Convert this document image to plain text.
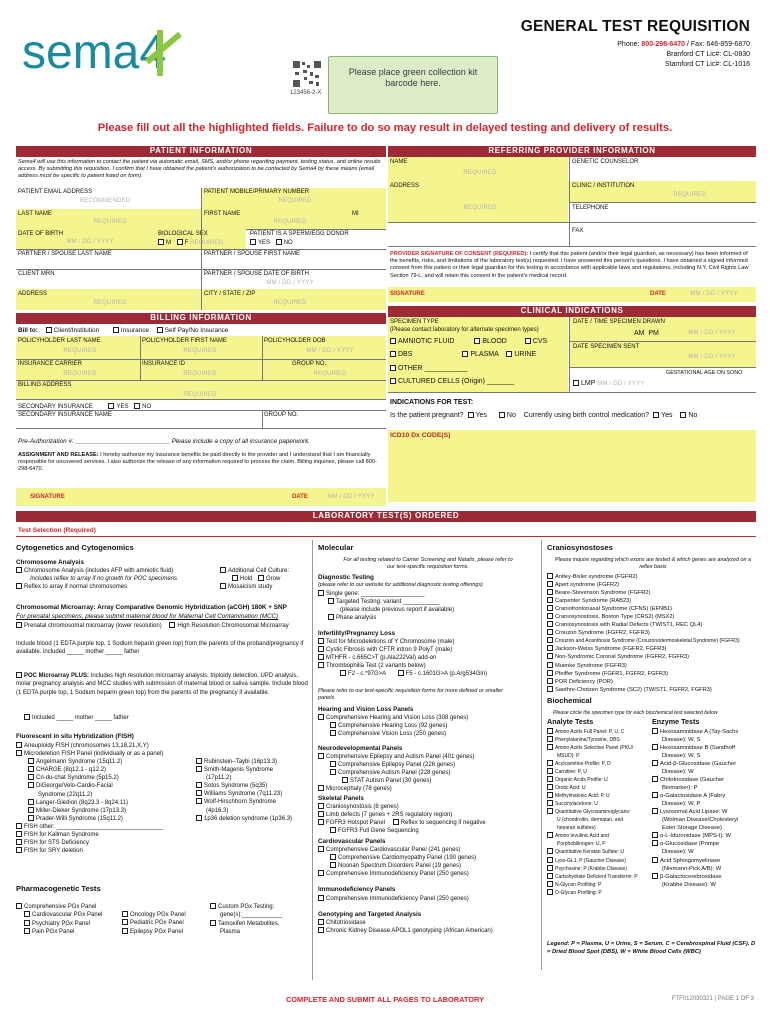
sema4	GENERAL TEST REQUISITION
Phone: 800-298-6470 / Fax: 646-859-6870
Branford CT Lic#: CL-0830
Stamford CT Lic#: CL-1016
123456-2-X
Please place green collection kit barcode here.
Please fill out all the highlighted fields. Failure to do so may result in delayed testing and delivery of results.
PATIENT INFORMATION
Sema4 will use this information to contact the patient via automatic email, SMS, and/or phone regarding payment, testing status, and online results access. By submitting this requisition, I confirm that I have obtained the patient's authorization to be contacted by Sema4 by these means (email address must be specific to patient listed on form).
PATIENT EMAIL ADDRESS
RECOMMENDED
PATIENT MOBILE/PRIMARY NUMBER
REQUIRED
LAST NAME
REQUIRED
FIRST NAME
REQUIRED
MI
DATE OF BIRTH
MM / DD / YYYY
BIOLOGICAL SEX
M F REQUIRED
PATIENT IS A SPERM/EGG DONOR
YES NO
PARTNER / SPOUSE LAST NAME	PARTNER / SPOUSE FIRST NAME
CLIENT MRN	PARTNER / SPOUSE DATE OF BIRTH
MM / DD / YYYY
ADDRESS
REQUIRED
CITY / STATE / ZIP
REQUIRED
BILLING INFORMATION
Bill to: Client/Institution	Insurance Self Pay/No Insurance
POLICYHOLDER LAST NAME
REQUIRED
POLICYHOLDER FIRST NAME
REQUIRED
POLICYHOLDER DOB
MM / DD / YYYY
INSURANCE CARRIER
REQUIRED
INSURANCE ID
REQUIRED
GROUP NO.
REQUIRED
BILLING ADDRESS
REQUIRED
SECONDARY INSURANCE	YES NO
SECONDARY INSURANCE NAME	GROUP NO.
Pre-Authorization #: ___________________________ Please include a copy of all insurance paperwork.
ASSIGNMENT AND RELEASE: I hereby authorize my insurance benefits be paid directly to the provider and I understand that I am financially responsible for uncovered services. I also authorize the release of any information required to process the claim. Billing inquiries, please call 800-298-6470.
SIGNATURE	DATE	MM / DD / YYYY
REFERRING PROVIDER INFORMATION
NAME
REQUIRED
GENETIC COUNSELOR
ADDRESS
REQUIRED
CLINIC / INSTITUTION
REQUIRED
TELEPHONE
FAX
PROVIDER SIGNATURE OF CONSENT (REQUIRED): I certify that this patient (and/or their legal guardian, as necessary) has been informed of the benefits, risks, and limitations of the laboratory test(s) requested. I have answered this person's questions. I have obtained a signed informed consent from this patient or their legal guardian for this testing in accordance with applicable laws and regulations, including N.Y. Civil Rights Law Section 79-L, and will retain this consent in the patient's medical record.
SIGNATURE	DATE	MM / DD / YYYY
CLINICAL INDICATIONS
SPECIMEN TYPE
(Please contact laboratory for alternate specimen types)
AMNIOTIC FLUID	BLOOD	CVS
DBS	PLASMA URINE
OTHER ___________
CULTURED CELLS (Origin) _______
DATE / TIME SPECIMEN DRAWN
AM PM	MM / DD / YYYY
DATE SPECIMEN SENT
MM / DD / YYYY
GESTATIONAL AGE ON SONO
LMP MM / DD / YYYY
INDICATIONS FOR TEST:
Is the patient pregnant? Yes	No Currently using birth control medication? Yes No
ICD10 Dx CODE(S)
LABORATORY TEST(S) ORDERED
Test Selection (Required)
Cytogenetics and Cytogenomics
Chromosome Analysis
Chromosome Analysis (includes AFP with amniotic fluid)
Includes reflex to array if no growth for POC specimens
Reflex to array if normal chromosomes
Additional Cell Culture:
Hold Grow
Mosaicism study
Chromosomal Microarray: Array Comparative Genomic Hybridization (aCGH) 180K + SNP
For prenatal specimens, please submit maternal blood for Maternal Cell Contamination (MCC)
Prenatal chromosomal microarray (lower resolution)	High Resolution Chromosomal Microarray
Include blood (1 EDTA purple top, 1 Sodium heparin green top) from the parents of the proband/pregnancy if available. included _____ mother _____ father
POC Microarray PLUS: Includes high resolution microarray analysis, triploidy detection, UPD analysis, molar pregnancy analysis and MCC studies with submission of maternal blood or saliva sample. Include blood (1 EDTA purple top, 1 Sodium heparin green top) from the parents of the pregnancy if available.
Included _____ mother _____ father
Fluorescent in situ Hybridization (FISH)
Aneuploidy FISH (chromosomes 13,18,21,X,Y)
Microdeletion FISH Panel (individually or as a panel)
Angelmann Syndrome (15q11.2)
CHARGE (8q12.1 - q12.2)
Cri-du-chat Syndrome (5p15.2)
DiGeorge/Velo-Cardio-Facial
Syndrome (22q11.2)
Langer-Giedion (8q23.3 - 8q24.11)
Miller-Dieker Syndrome (17p13.3)
Prader-Willi Syndrome (15q11.2)
FISH other: ________________________________
FISH for Kallman Syndrome
FISH for STS Deficiency
FISH for SRY deletion
Rubinstein–Taybi (16p13.3)
Smith-Magenis Syndrome
(17p11.2)
Sotos Syndrome (5q35)
Williams Syndrome (7q11.23)
Wolf-Hirschhorn Syndrome
(4p16.3)
1p36 deletion syndrome (1p36.3)
Pharmacogenetic Tests
Comprehensive PGx Panel
Cardiovascular PGx Panel
Psychiatry PGx Panel
Pain PGx Panel
Oncology PGx Panel
Pediatric PGx Panel
Epilepsy PGx Panel
Custom PGx Testing:
gene(s):____________
Tamoxifen Metabolites,
Plasma
Molecular
For all testing related to Carrier Screening and Natalis, please refer to our test-specific requisition forms.
Diagnostic Testing
(please refer to our website for additional diagnostic testing offerings)
Single gene: ___________________
Targeted Testing: variant ___________
(please include previous report if available)
Phase analysis
Infertility/Pregnancy Loss
Test for Microdeletions of Y Chromosome (male)
Cystic Fibrosis with CFTR intron 9 PolyT (male)
MTHFR - c.665C>T (p.Ala222Val) add-on
Thrombophilia Test (2 variants below)
F2 - c.*97G>A	F5 - c.1601G>A (p.Arg534Gln)
Please refer to our test-specific requisition forms for more defined or smaller panels
Hearing and Vision Loss Panels
Comprehensive Hearing and Vision Loss (308 genes)
Comprehensive Hearing Loss (92 genes)
Comprehensive Vision Loss (250 genes)
Neurodevelopmental Panels
Comprehensive Epilepsy and Autism Panel (401 genes)
Comprehensive Epilepsy Panel (226 genes)
Comprehensive Autism Panel (228 genes)
STAT Autism Panel (30 genes)
Microcephaly (78 genes)
Skeletal Panels
Craniosynostosis (8 genes)
Limb defects (7 genes + 2RS regulatory region)
FGFR3 Hotspot Panel	Reflex to sequencing if negative
FGFR3 Full Gene Sequencing
Cardiovascular Panels
Comprehensive Cardiovascular Panel (241 genes)
Comprehensive Cardiomyopathy Panel (190 genes)
Noonan Spectrum Disorders Panel (19 genes)
Comprehensive Immunodeficiency Panel (250 genes)
Immunodeficiency Panels
Comprehensive Immunodeficiency Panel (250 genes)
Genotyping and Targeted Analysis
Chitotriosidase
Chronic Kidney Disease APOL1 genotyping (African American)
Craniosynostoses
Please inquire regarding which exons are tested & which genes are analyzed on a reflex basis
Antley-Bixler syndrome (FGFR2)
Apert syndrome (FGFR2)
Beare-Stevenson Syndrome (FGFR2)
Carpenter Syndrome (RAB23)
Craniofrontonasal Syndrome (CFNS) (EFNB1)
Craniosynostosis, Boston Type (CRS2) (MSX2)
Craniosynostosis with Radial Defects (TWIST1, REC QL4)
Crouzon Syndrome (FGFR2, FGFR3)
Crouzon and Acanthosis Syndrome (Crouzonodermoskeletal Syndrome) (FGFR3)
Jackson-Weiss Syndrome (FGFR2, FGFR3)
Non-Syndromic Coronal Syndrome (FGFR2, FGFR3)
Muenke Syndrome (FGFR3)
Pfeiffer Syndrome (FGFR1, FGFR2, FGFR3)
POR Deficiency (POR)
Saethre-Chotzen Syndrome (SC2) (TWIST1, FGFR2, FGFR3)
Biochemical
Please circle the specimen type for each biochemical test selected below
Analyte Tests
Amino Acids Full Panel: P, U, C
Phenylalanine/Tyrosine, DBS
Amino Acids Selective Panel (PKU/
MSUD): P
Acylcarnitine Profile: P, D
Carnitine: P, U
Organic Acids Profile: U
Orotic Acid: U
Methylmalonic Acid: P, U
Succinylacetone: U
Quantitative Glycosaminoglycans:
U (chondroitin, dermatan, and
heparan sulfates)
Amino levulinic Acid and
Porphobilinogen: U, P
Quantitative Keratan Sulfate: U
Lyso-GL1, P (Gaucher Disease)
Psychosine: P (Krabbe Disease)
Carbohydrate Deficient Transferrin: P
N-Glycan Profiling: P
O-Glycan Profiling: P
Enzyme Tests
Hexosaminidase A (Tay-Sachs
Disease): W, S
Hexosaminidase B (Sandhoff
Disease): W, S
Acid-β-Glucosidase (Gaucher
Disease): W
Chitotriosidase (Gaucher
Biomarker): P
α-Galactosidase A (Fabry
Disease): W, P
Lysosomal Acid Lipase: W
(Wolman Disease/Cholesteryl
Ester Storage Disease)
α-L-Iduronidase (MPS-I): W
α-Glucosidase (Pompe
Disease): W
Acid Sphingomyelinase
(Niemann-Pick A/B): W
β-Galactocerebrosidase
(Krabbe Disease): W
Legend: P = Plasma, U = Urine, S = Serum, C = Cerebrospinal Fluid (CSF), D = Dried Blood Spot (DBS), W = White Blood Cells (WBC)
COMPLETE AND SUBMIT ALL PAGES TO LABORATORY	FTF012030321 | PAGE 1 OF 3
